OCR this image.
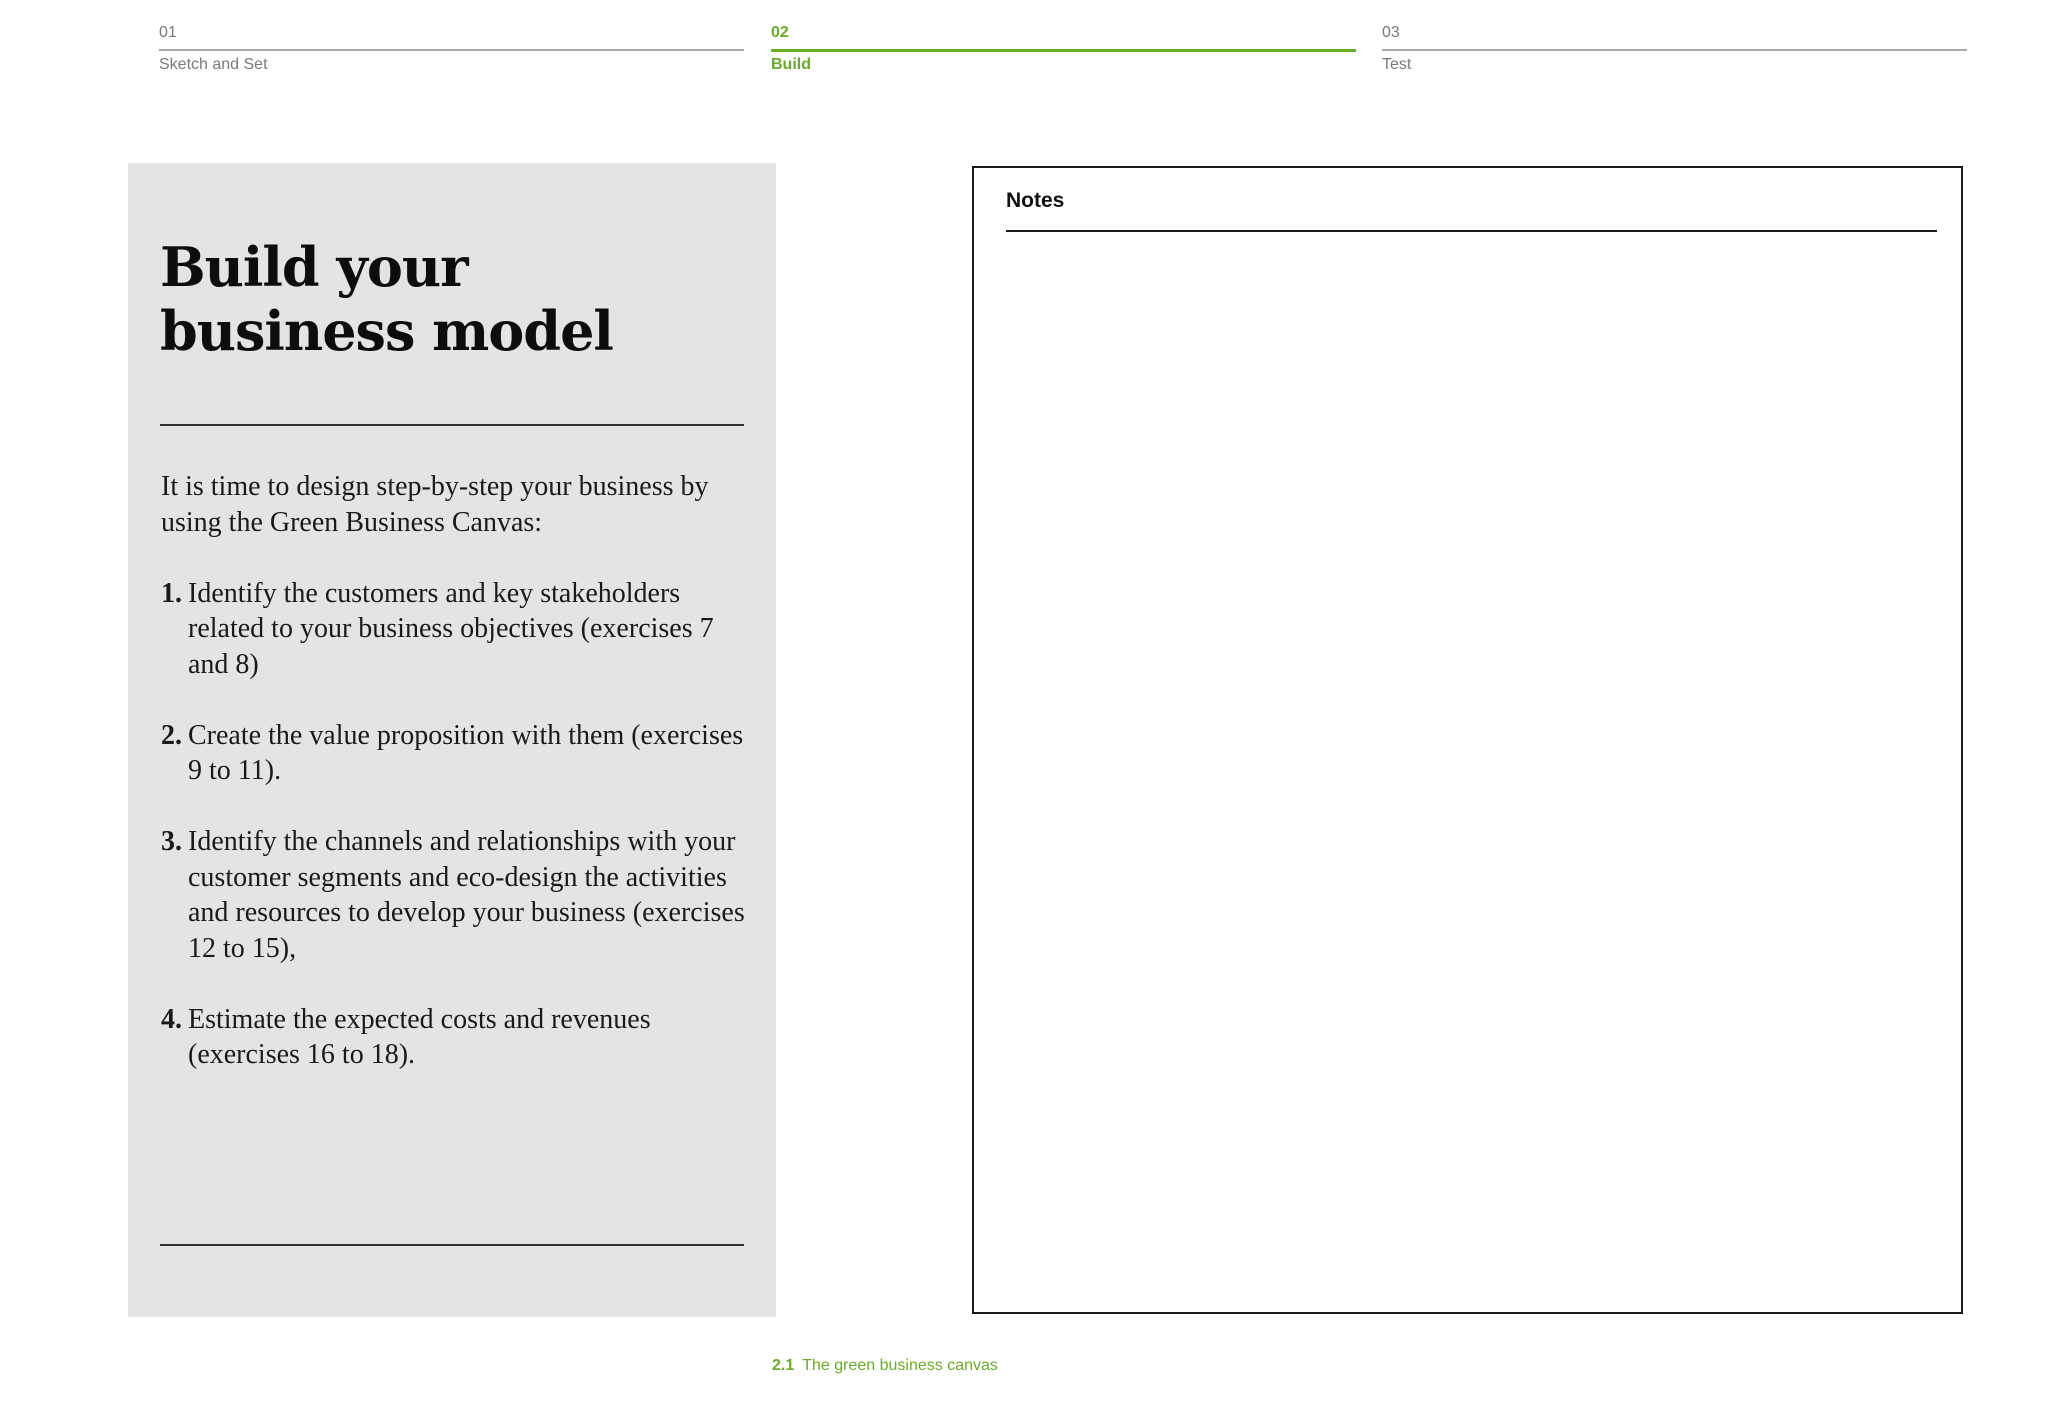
01
Sketch and Set
02
Build
03
Test
Build your
business model

It is time to design step-by-step your business by using the Green Business Canvas:

1. Identify the customers and key stakeholders related to your business objectives (exercises 7 and 8)
2. Create the value proposition with them (exercises 9 to 11).
3. Identify the channels and relationships with your customer segments and eco-design the activities and resources to develop your business (exercises 12 to 15),
4. Estimate the expected costs and revenues (exercises 16 to 18).
Notes
2.1 The green business canvas
